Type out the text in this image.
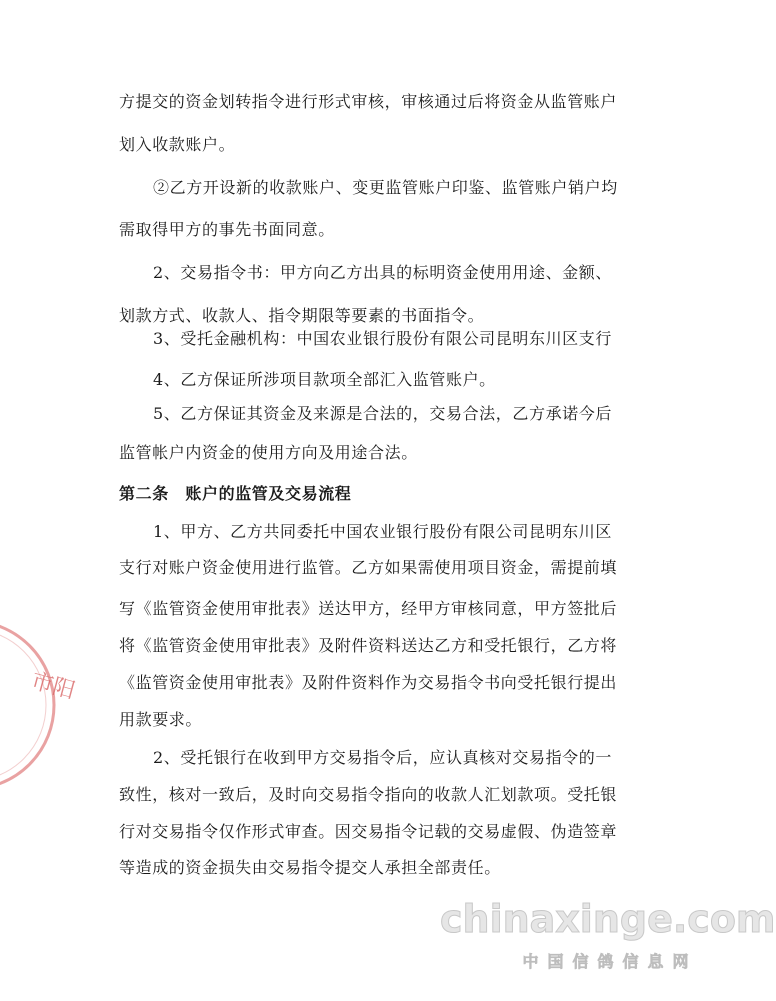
市阳
方提交的资金划转指令进行形式审核，审核通过后将资金从监管账户
划入收款账户。
②乙方开设新的收款账户、变更监管账户印鉴、监管账户销户均
需取得甲方的事先书面同意。
2、交易指令书：甲方向乙方出具的标明资金使用用途、金额、
划款方式、收款人、指令期限等要素的书面指令。
3、受托金融机构：中国农业银行股份有限公司昆明东川区支行
4、乙方保证所涉项目款项全部汇入监管账户。
5、乙方保证其资金及来源是合法的，交易合法，乙方承诺今后
监管帐户内资金的使用方向及用途合法。
第二条　账户的监管及交易流程
1、甲方、乙方共同委托中国农业银行股份有限公司昆明东川区
支行对账户资金使用进行监管。乙方如果需使用项目资金，需提前填
写《监管资金使用审批表》送达甲方，经甲方审核同意，甲方签批后
将《监管资金使用审批表》及附件资料送达乙方和受托银行，乙方将
《监管资金使用审批表》及附件资料作为交易指令书向受托银行提出
用款要求。
2、受托银行在收到甲方交易指令后，应认真核对交易指令的一
致性，核对一致后，及时向交易指令指向的收款人汇划款项。受托银
行对交易指令仅作形式审查。因交易指令记载的交易虚假、伪造签章
等造成的资金损失由交易指令提交人承担全部责任。
chinaxinge.com
中国信鸽信息网
